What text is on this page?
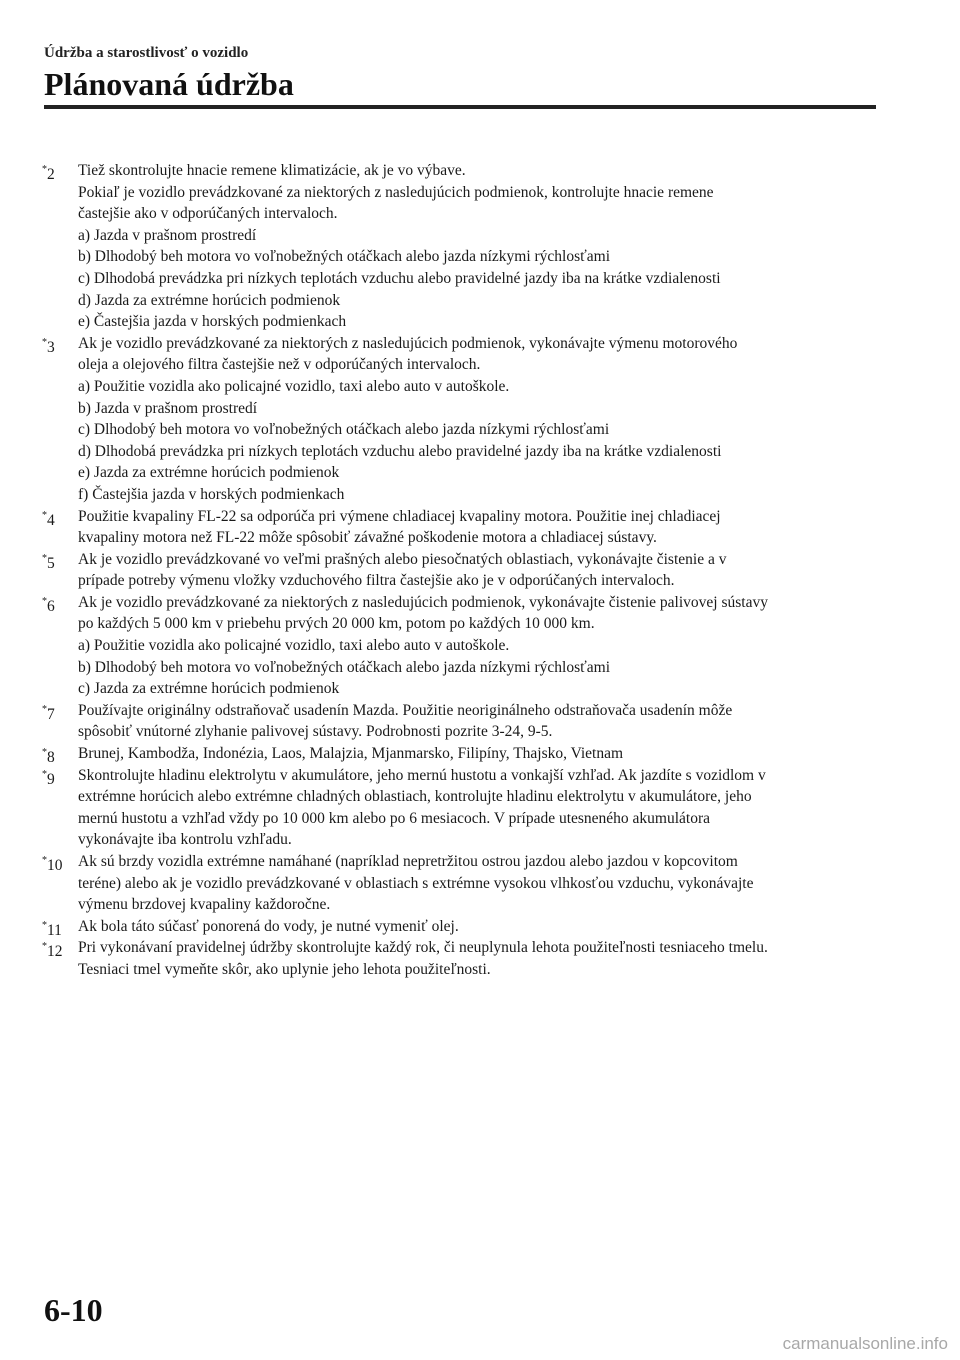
Údržba a starostlivosť o vozidlo
Plánovaná údržba
*2 Tiež skontrolujte hnacie remene klimatizácie, ak je vo výbave.
Pokiaľ je vozidlo prevádzkované za niektorých z nasledujúcich podmienok, kontrolujte hnacie remene
častejšie ako v odporúčaných intervaloch.
a) Jazda v prašnom prostredí
b) Dlhodobý beh motora vo voľnobežných otáčkach alebo jazda nízkymi rýchlosťami
c) Dlhodobá prevádzka pri nízkych teplotách vzduchu alebo pravidelné jazdy iba na krátke vzdialenosti
d) Jazda za extrémne horúcich podmienok
e) Častejšia jazda v horských podmienkach
*3 Ak je vozidlo prevádzkované za niektorých z nasledujúcich podmienok, vykonávajte výmenu motorového
oleja a olejového filtra častejšie než v odporúčaných intervaloch.
a) Použitie vozidla ako policajné vozidlo, taxi alebo auto v autoškole.
b) Jazda v prašnom prostredí
c) Dlhodobý beh motora vo voľnobežných otáčkach alebo jazda nízkymi rýchlosťami
d) Dlhodobá prevádzka pri nízkych teplotách vzduchu alebo pravidelné jazdy iba na krátke vzdialenosti
e) Jazda za extrémne horúcich podmienok
f) Častejšia jazda v horských podmienkach
*4 Použitie kvapaliny FL-22 sa odporúča pri výmene chladiacej kvapaliny motora. Použitie inej chladiacej
kvapaliny motora než FL-22 môže spôsobiť závažné poškodenie motora a chladiacej sústavy.
*5 Ak je vozidlo prevádzkované vo veľmi prašných alebo piesočnatých oblastiach, vykonávajte čistenie a v
prípade potreby výmenu vložky vzduchového filtra častejšie ako je v odporúčaných intervaloch.
*6 Ak je vozidlo prevádzkované za niektorých z nasledujúcich podmienok, vykonávajte čistenie palivovej sústavy
po každých 5 000 km v priebehu prvých 20 000 km, potom po každých 10 000 km.
a) Použitie vozidla ako policajné vozidlo, taxi alebo auto v autoškole.
b) Dlhodobý beh motora vo voľnobežných otáčkach alebo jazda nízkymi rýchlosťami
c) Jazda za extrémne horúcich podmienok
*7 Používajte originálny odstraňovač usadenín Mazda. Použitie neoriginálneho odstraňovača usadenín môže
spôsobiť vnútorné zlyhanie palivovej sústavy. Podrobnosti pozrite 3-24, 9-5.
*8 Brunej, Kambodža, Indonézia, Laos, Malajzia, Mjanmarsko, Filipíny, Thajsko, Vietnam
*9 Skontrolujte hladinu elektrolytu v akumulátore, jeho mernú hustotu a vonkajší vzhľad. Ak jazdíte s vozidlom v
extrémne horúcich alebo extrémne chladných oblastiach, kontrolujte hladinu elektrolytu v akumulátore, jeho
mernú hustotu a vzhľad vždy po 10 000 km alebo po 6 mesiacoch. V prípade utesneného akumulátora
vykonávajte iba kontrolu vzhľadu.
*10 Ak sú brzdy vozidla extrémne namáhané (napríklad nepretržitou ostrou jazdou alebo jazdou v kopcovitom
teréne) alebo ak je vozidlo prevádzkované v oblastiach s extrémne vysokou vlhkosťou vzduchu, vykonávajte
výmenu brzdovej kvapaliny každoročne.
*11 Ak bola táto súčasť ponorená do vody, je nutné vymeniť olej.
*12 Pri vykonávaní pravidelnej údržby skontrolujte každý rok, či neuplynula lehota použiteľnosti tesniaceho tmelu.
Tesniaci tmel vymeňte skôr, ako uplynie jeho lehota použiteľnosti.
6-10
carmanualsonline.info
